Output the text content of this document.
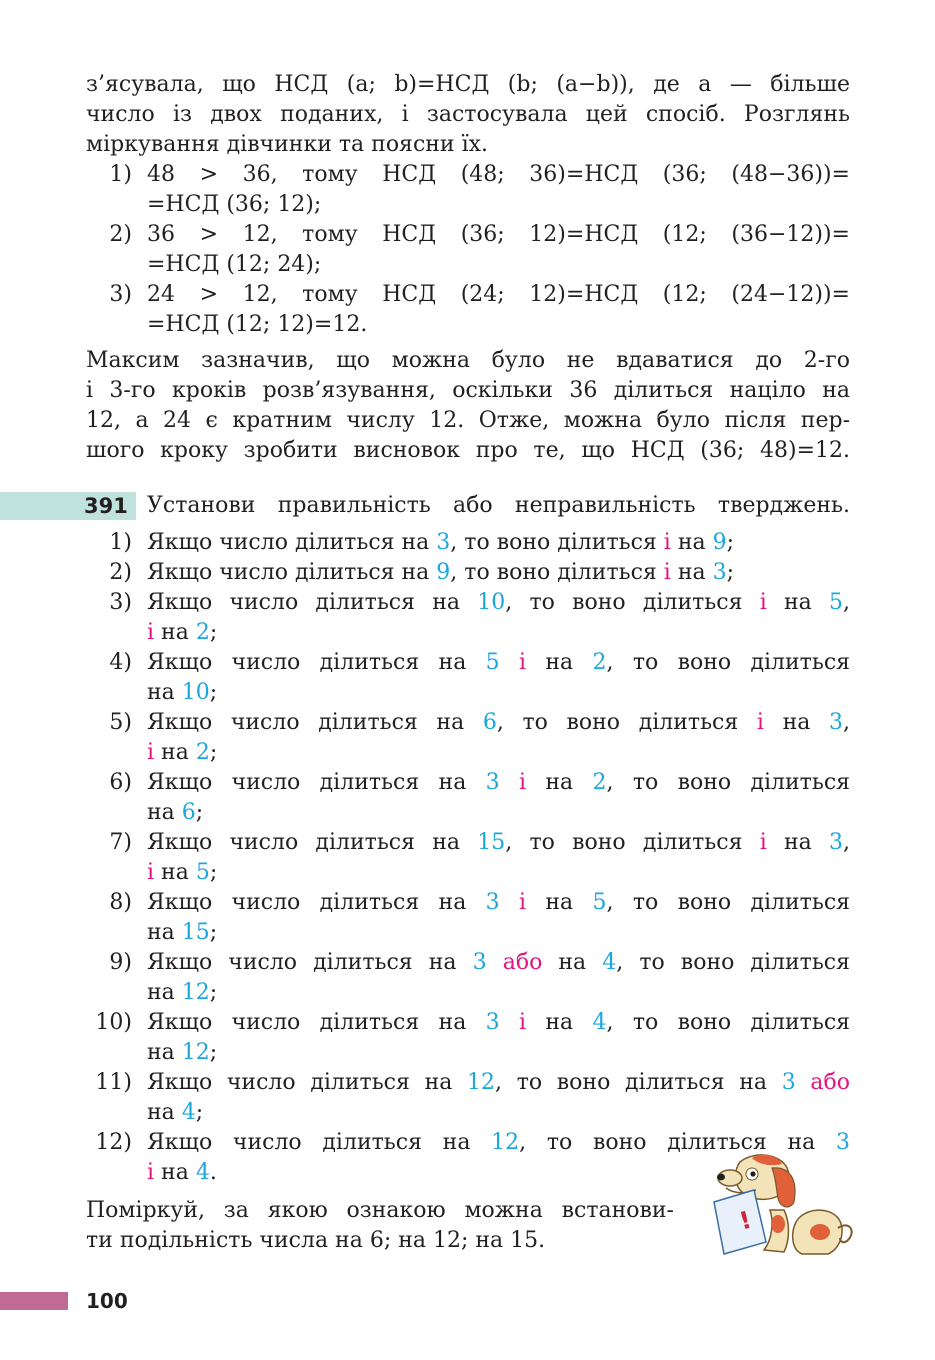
з’ясувала, що НСД (a; b)=НСД (b; (a−b)), де a — більше
число із двох поданих, і застосувала цей спосіб. Розглянь
міркування дівчинки та поясни їх.
1) 48 > 36, тому НСД (48; 36)=НСД (36; (48−36))=
=НСД (36; 12);
2) 36 > 12, тому НСД (36; 12)=НСД (12; (36−12))=
=НСД (12; 24);
3) 24 > 12, тому НСД (24; 12)=НСД (12; (24−12))=
=НСД (12; 12)=12.
Максим зазначив, що можна було не вдаватися до 2-го
і 3-го кроків розв’язування, оскільки 36 ділиться націло на
12, а 24 є кратним числу 12. Отже, можна було після пер-
шого кроку зробити висновок про те, що НСД (36; 48)=12.
391 Установи правильність або неправильність тверджень.
1) Якщо число ділиться на 3, то воно ділиться і на 9;
2) Якщо число ділиться на 9, то воно ділиться і на 3;
3) Якщо число ділиться на 10, то воно ділиться і на 5,
і на 2;
4) Якщо число ділиться на 5 і на 2, то воно ділиться
на 10;
5) Якщо число ділиться на 6, то воно ділиться і на 3,
і на 2;
6) Якщо число ділиться на 3 і на 2, то воно ділиться
на 6;
7) Якщо число ділиться на 15, то воно ділиться і на 3,
і на 5;
8) Якщо число ділиться на 3 і на 5, то воно ділиться
на 15;
9) Якщо число ділиться на 3 або на 4, то воно ділиться
на 12;
10) Якщо число ділиться на 3 і на 4, то воно ділиться
на 12;
11) Якщо число ділиться на 12, то воно ділиться на 3 або
на 4;
12) Якщо число ділиться на 12, то воно ділиться на 3
і на 4.
Поміркуй, за якою ознакою можна встанови-
ти подільність числа на 6; на 12; на 15.
!
100
